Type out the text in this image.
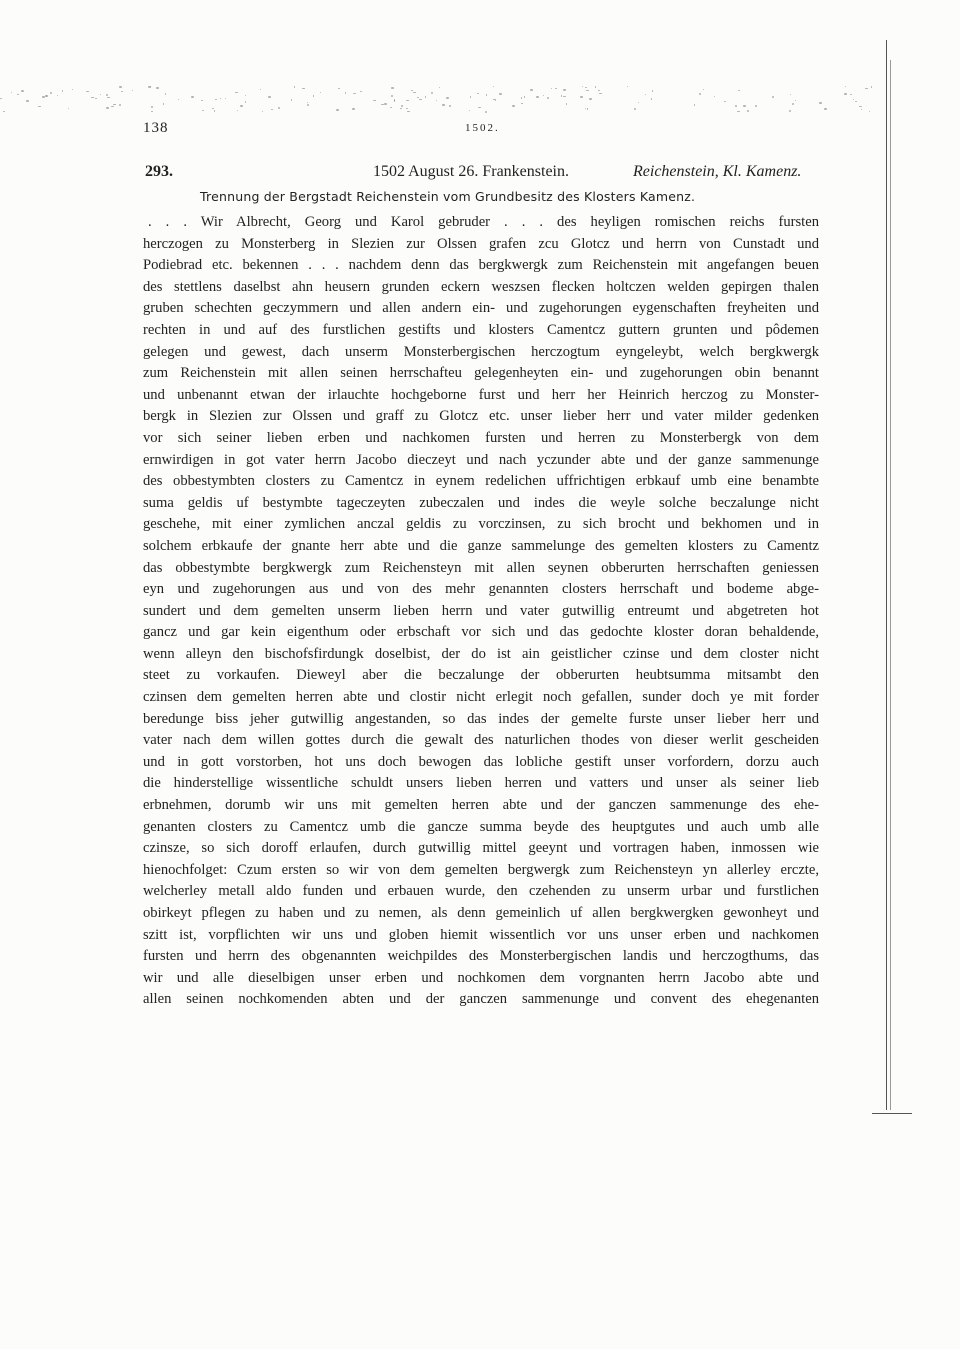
138	1502.
293.	1502 August 26. Frankenstein.	Reichenstein, Kl. Kamenz.
Trennung der Bergstadt Reichenstein vom Grundbesitz des Klosters Kamenz.
. . . Wir Albrecht, Georg und Karol gebruder . . . des heyligen romischen reichs fursten
herczogen zu Monsterberg in Slezien zur Olssen grafen zcu Glotcz und herrn von Cunstadt und
Podiebrad etc. bekennen . . . nachdem denn das bergkwergk zum Reichenstein mit angefangen beuen
des stettlens daselbst ahn heusern grunden eckern weszsen flecken holtczen welden gepirgen thalen
gruben schechten geczymmern und allen andern ein- und zugehorungen eygenschaften freyheiten und
rechten in und auf des furstlichen gestifts und klosters Camentcz guttern grunten und pôdemen
gelegen und gewest, dach unserm Monsterbergischen herczogtum eyngeleybt, welch bergkwergk
zum Reichenstein mit allen seinen herrschafteu gelegenheyten ein- und zugehorungen obin benannt
und unbenannt etwan der irlauchte hochgeborne furst und herr her Heinrich herczog zu Monster-
bergk in Slezien zur Olssen und graff zu Glotcz etc. unser lieber herr und vater milder gedenken
vor sich seiner lieben erben und nachkomen fursten und herren zu Monsterbergk von dem
ernwirdigen in got vater herrn Jacobo dieczeyt und nach yczunder abte und der ganze sammenunge
des obbestymbten closters zu Camentcz in eynem redelichen uffrichtigen erbkauf umb eine benambte
suma geldis uf bestymbte tageczeyten zubeczalen und indes die weyle solche beczalunge nicht
geschehe, mit einer zymlichen anczal geldis zu vorczinsen, zu sich brocht und bekhomen und in
solchem erbkaufe der gnante herr abte und die ganze sammelunge des gemelten klosters zu Camentz
das obbestymbte bergkwergk zum Reichensteyn mit allen seynen obberurten herrschaften geniessen
eyn und zugehorungen aus und von des mehr genannten closters herrschaft und bodeme abge-
sundert und dem gemelten unserm lieben herrn und vater gutwillig entreumt und abgetreten hot
gancz und gar kein eigenthum oder erbschaft vor sich und das gedochte kloster doran behaldende,
wenn alleyn den bischofsfirdungk doselbist, der do ist ain geistlicher czinse und dem closter nicht
steet zu vorkaufen. Dieweyl aber die beczalunge der obberurten heubtsumma mitsambt den
czinsen dem gemelten herren abte und clostir nicht erlegit noch gefallen, sunder doch ye mit forder
beredunge biss jeher gutwillig angestanden, so das indes der gemelte furste unser lieber herr und
vater nach dem willen gottes durch die gewalt des naturlichen thodes von dieser werlit gescheiden
und in gott vorstorben, hot uns doch bewogen das lobliche gestift unser vorfordern, dorzu auch
die hinderstellige wissentliche schuldt unsers lieben herren und vatters und unser als seiner lieb
erbnehmen, dorumb wir uns mit gemelten herren abte und der ganczen sammenunge des ehe-
genanten closters zu Camentcz umb die gancze summa beyde des heuptgutes und auch umb alle
czinsze, so sich doroff erlaufen, durch gutwillig mittel geeynt und vortragen haben, inmossen wie
hienochfolget: Czum ersten so wir von dem gemelten bergwergk zum Reichensteyn yn allerley erczte,
welcherley metall aldo funden und erbauen wurde, den czehenden zu unserm urbar und furstlichen
obirkeyt pflegen zu haben und zu nemen, als denn gemeinlich uf allen bergkwergken gewonheyt und
szitt ist, vorpflichten wir uns und globen hiemit wissentlich vor uns unser erben und nachkomen
fursten und herrn des obgenannten weichpildes des Monsterbergischen landis und herczogthums, das
wir und alle dieselbigen unser erben und nochkomen dem vorgnanten herrn Jacobo abte und
allen seinen nochkomenden abten und der ganczen sammenunge und convent des ehegenanten
